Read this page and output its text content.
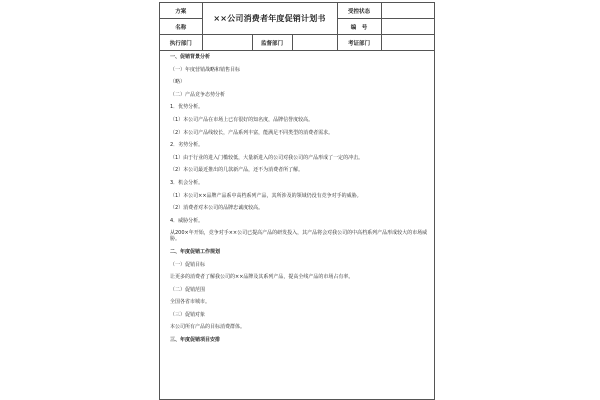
方案	××公司消费者年度促销计划书	受控状态	
名称		编　号	
执行部门		监督部门		考证部门	
一、促销背景分析
（一）年度营销战略和销售目标
（略）
（二）产品竞争态势分析
1．优势分析。
（1）本公司产品在市场上已有很好的知名度，品牌信誉度较高。
（2）本公司产品线较长，产品系列丰富，能满足不同类型的消费者需求。
2．劣势分析。
（1）由于行业的进入门槛较低，大量新进入的公司对我公司的产品形成了一定的冲击。
（2）本公司最近推出的几款新产品，还不为消费者所了解。
3．机会分析。
（1）本公司××品牌产品系中高档系列产品，其所涉及的领域仍没有竞争对手的威胁。
（2）消费者对本公司的品牌忠诚度较高。
4．威胁分析。
从200×年开始，竞争对手××公司已提高产品的研发投入，其产品将会对我公司的中高档系列产品形成较大的市场威胁。
二、年度促销工作规划
（一）促销目标
让更多的消费者了解我公司的××品牌及其系列产品，提高全线产品的市场占有率。
（二）促销范围
全国各省市城市。
（三）促销对象
本公司所有产品的目标消费群体。
三、年度促销项目安排
